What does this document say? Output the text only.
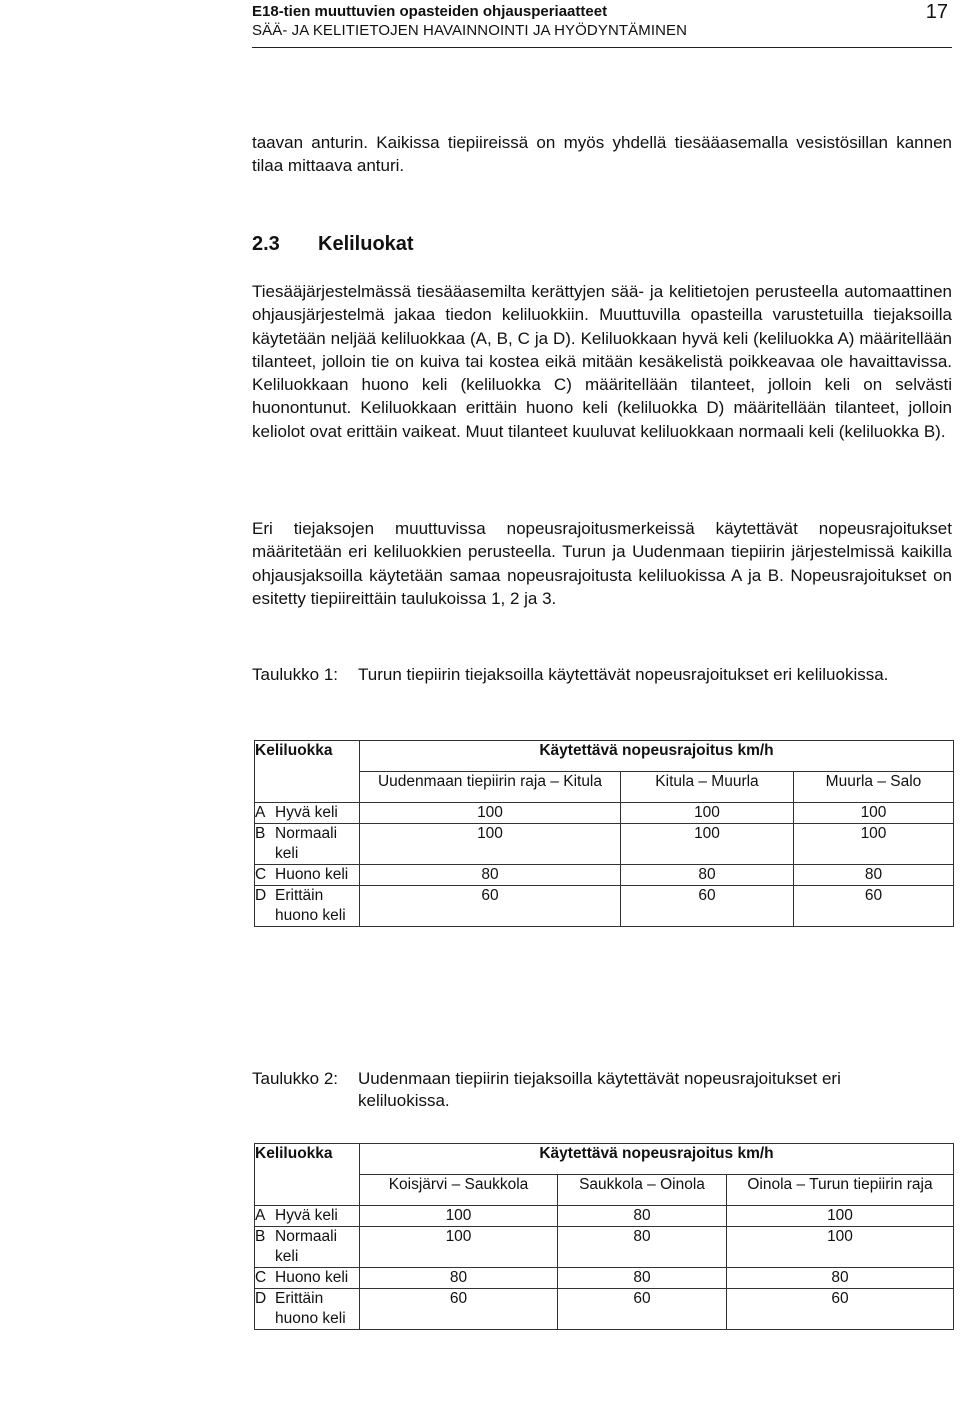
E18-tien muuttuvien opasteiden ohjausperiaatteet
SÄÄ- JA KELITIETOJEN HAVAINNOINTI JA HYÖDYNTÄMINEN
17
taavan anturin. Kaikissa tiepiireissä on myös yhdellä tiesääasemalla vesistösillan kannen tilaa mittaava anturi.
2.3 Keliluokat
Tiesääjärjestelmässä tiesääasemilta kerättyjen sää- ja kelitietojen perusteella automaattinen ohjausjärjestelmä jakaa tiedon keliluokkiin. Muuttuvilla opasteilla varustetuilla tiejaksoilla käytetään neljää keliluokkaa (A, B, C ja D). Keliluokkaan hyvä keli (keliluokka A) määritellään tilanteet, jolloin tie on kuiva tai kostea eikä mitään kesäkelistä poikkeavaa ole havaittavissa. Keliluokkaan huono keli (keliluokka C) määritellään tilanteet, jolloin keli on selvästi huonontunut. Keliluokkaan erittäin huono keli (keliluokka D) määritellään tilanteet, jolloin keliolot ovat erittäin vaikeat. Muut tilanteet kuuluvat keliluokkaan normaali keli (keliluokka B).
Eri tiejaksojen muuttuvissa nopeusrajoitusmerkeissä käytettävät nopeusrajoitukset määritetään eri keliluokkien perusteella. Turun ja Uudenmaan tiepiirin järjestelmissä kaikilla ohjausjaksoilla käytetään samaa nopeusrajoitusta keliluokissa A ja B. Nopeusrajoitukset on esitetty tiepiireittäin taulukoissa 1, 2 ja 3.
Taulukko 1: Turun tiepiirin tiejaksoilla käytettävät nopeusrajoitukset eri keliluokissa.
Keliluokka	Käytettävä nopeusrajoitus km/h		
	Uudenmaan tiepiirin raja – Kitula	Kitula – Muurla	Muurla – Salo
A Hyvä keli	100	100	100
B Normaali keli	100	100	100
C Huono keli	80	80	80
D Erittäin huono keli	60	60	60
Taulukko 2: Uudenmaan tiepiirin tiejaksoilla käytettävät nopeusrajoitukset eri keliluokissa.
Keliluokka	Käytettävä nopeusrajoitus km/h		
	Koisjärvi – Saukkola	Saukkola – Oinola	Oinola – Turun tiepiirin raja
A Hyvä keli	100	80	100
B Normaali keli	100	80	100
C Huono keli	80	80	80
D Erittäin huono keli	60	60	60
